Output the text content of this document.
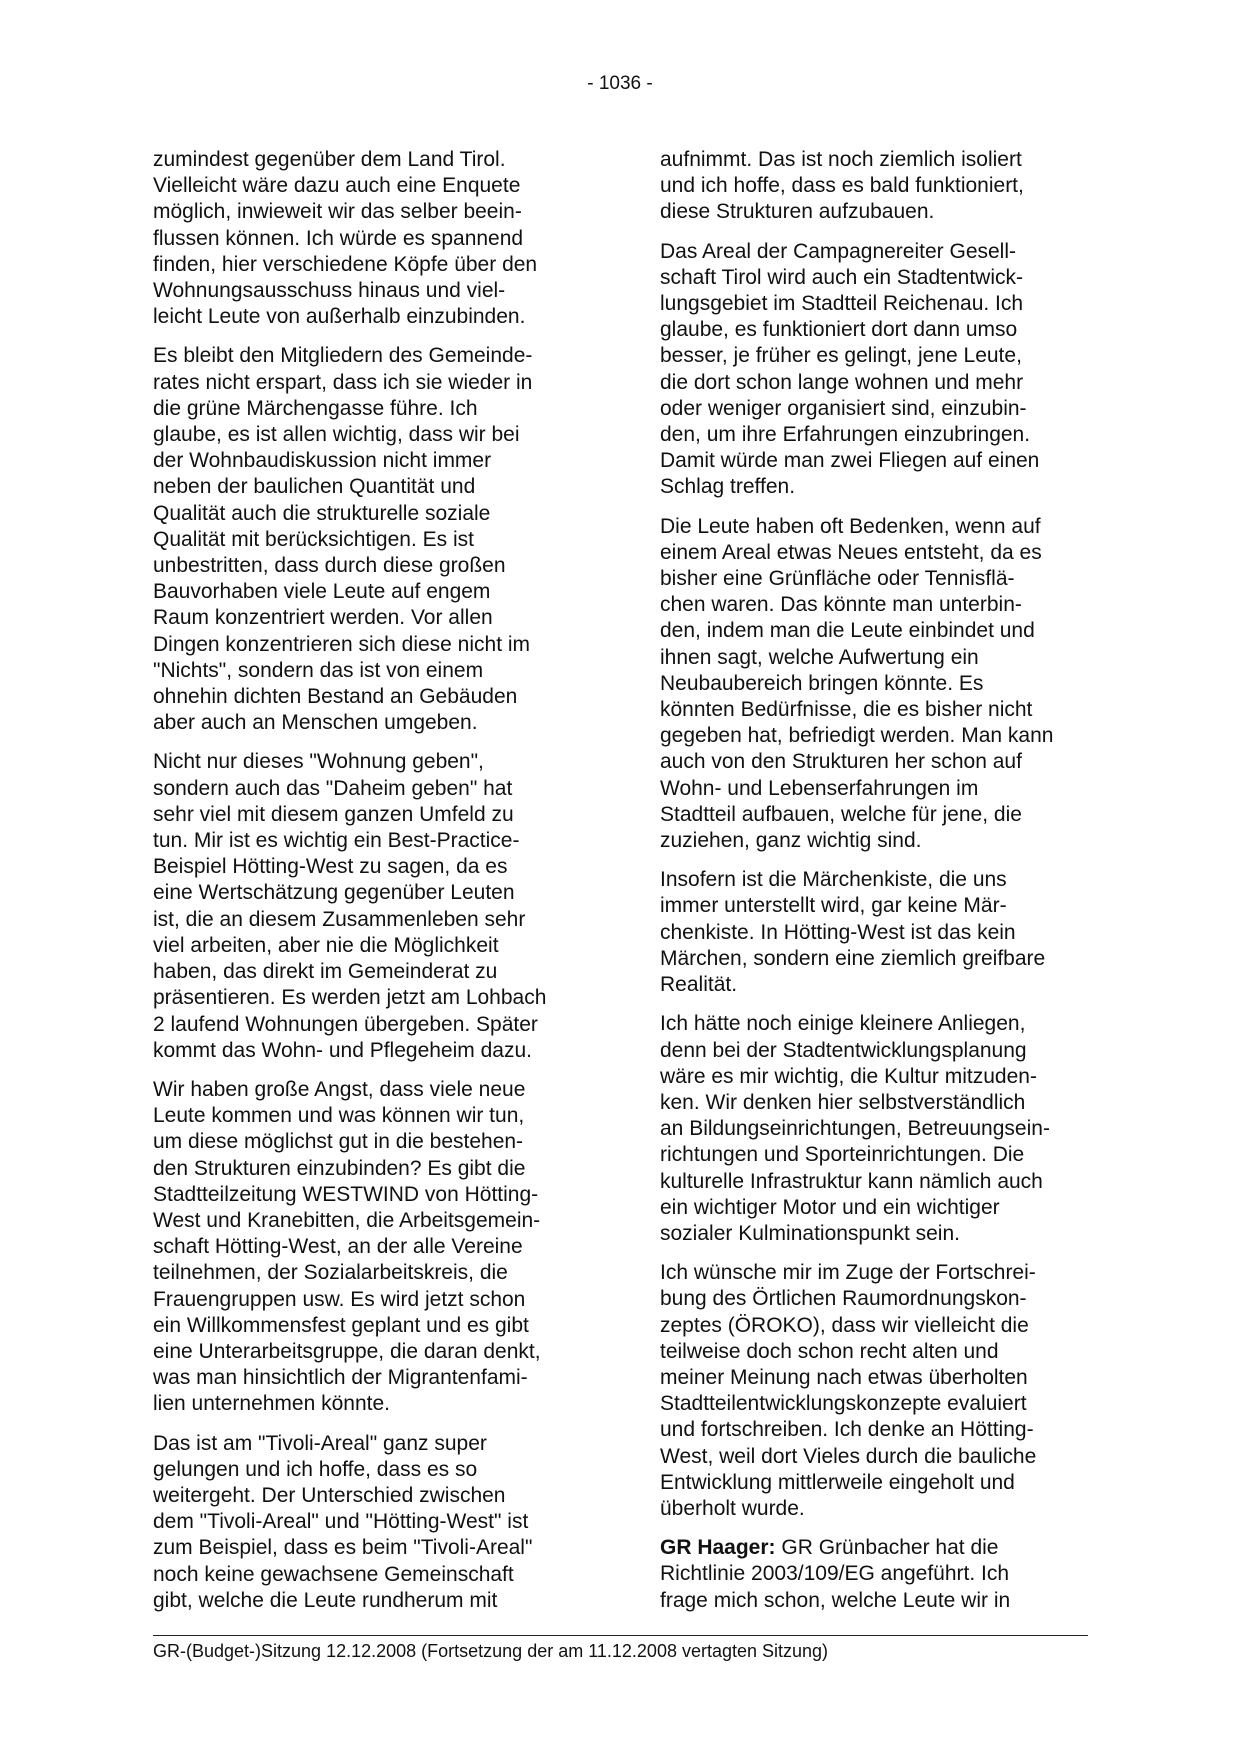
- 1036 -

zumindest gegenüber dem Land Tirol.
Vielleicht wäre dazu auch eine Enquete
möglich, inwieweit wir das selber beein-
flussen können. Ich würde es spannend
finden, hier verschiedene Köpfe über den
Wohnungsausschuss hinaus und viel-
leicht Leute von außerhalb einzubinden.

Es bleibt den Mitgliedern des Gemeinde-
rates nicht erspart, dass ich sie wieder in
die grüne Märchengasse führe. Ich
glaube, es ist allen wichtig, dass wir bei
der Wohnbaudiskussion nicht immer
neben der baulichen Quantität und
Qualität auch die strukturelle soziale
Qualität mit berücksichtigen. Es ist
unbestritten, dass durch diese großen
Bauvorhaben viele Leute auf engem
Raum konzentriert werden. Vor allen
Dingen konzentrieren sich diese nicht im
"Nichts", sondern das ist von einem
ohnehin dichten Bestand an Gebäuden
aber auch an Menschen umgeben.

Nicht nur dieses "Wohnung geben",
sondern auch das "Daheim geben" hat
sehr viel mit diesem ganzen Umfeld zu
tun. Mir ist es wichtig ein Best-Practice-
Beispiel Hötting-West zu sagen, da es
eine Wertschätzung gegenüber Leuten
ist, die an diesem Zusammenleben sehr
viel arbeiten, aber nie die Möglichkeit
haben, das direkt im Gemeinderat zu
präsentieren. Es werden jetzt am Lohbach
2 laufend Wohnungen übergeben. Später
kommt das Wohn- und Pflegeheim dazu.

Wir haben große Angst, dass viele neue
Leute kommen und was können wir tun,
um diese möglichst gut in die bestehen-
den Strukturen einzubinden? Es gibt die
Stadtteilzeitung WESTWIND von Hötting-
West und Kranebitten, die Arbeitsgemein-
schaft Hötting-West, an der alle Vereine
teilnehmen, der Sozialarbeitskreis, die
Frauengruppen usw. Es wird jetzt schon
ein Willkommensfest geplant und es gibt
eine Unterarbeitsgruppe, die daran denkt,
was man hinsichtlich der Migrantenfami-
lien unternehmen könnte.

Das ist am "Tivoli-Areal" ganz super
gelungen und ich hoffe, dass es so
weitergeht. Der Unterschied zwischen
dem "Tivoli-Areal" und "Hötting-West" ist
zum Beispiel, dass es beim "Tivoli-Areal"
noch keine gewachsene Gemeinschaft
gibt, welche die Leute rundherum mit

aufnimmt. Das ist noch ziemlich isoliert
und ich hoffe, dass es bald funktioniert,
diese Strukturen aufzubauen.

Das Areal der Campagnereiter Gesell-
schaft Tirol wird auch ein Stadtentwick-
lungsgebiet im Stadtteil Reichenau. Ich
glaube, es funktioniert dort dann umso
besser, je früher es gelingt, jene Leute,
die dort schon lange wohnen und mehr
oder weniger organisiert sind, einzubin-
den, um ihre Erfahrungen einzubringen.
Damit würde man zwei Fliegen auf einen
Schlag treffen.

Die Leute haben oft Bedenken, wenn auf
einem Areal etwas Neues entsteht, da es
bisher eine Grünfläche oder Tennisflä-
chen waren. Das könnte man unterbin-
den, indem man die Leute einbindet und
ihnen sagt, welche Aufwertung ein
Neubaubereich bringen könnte. Es
könnten Bedürfnisse, die es bisher nicht
gegeben hat, befriedigt werden. Man kann
auch von den Strukturen her schon auf
Wohn- und Lebenserfahrungen im
Stadtteil aufbauen, welche für jene, die
zuziehen, ganz wichtig sind.

Insofern ist die Märchenkiste, die uns
immer unterstellt wird, gar keine Mär-
chenkiste. In Hötting-West ist das kein
Märchen, sondern eine ziemlich greifbare
Realität.

Ich hätte noch einige kleinere Anliegen,
denn bei der Stadtentwicklungsplanung
wäre es mir wichtig, die Kultur mitzuden-
ken. Wir denken hier selbstverständlich
an Bildungseinrichtungen, Betreuungsein-
richtungen und Sporteinrichtungen. Die
kulturelle Infrastruktur kann nämlich auch
ein wichtiger Motor und ein wichtiger
sozialer Kulminationspunkt sein.

Ich wünsche mir im Zuge der Fortschrei-
bung des Örtlichen Raumordnungskon-
zeptes (ÖROKO), dass wir vielleicht die
teilweise doch schon recht alten und
meiner Meinung nach etwas überholten
Stadtteilentwicklungskonzepte evaluiert
und fortschreiben. Ich denke an Hötting-
West, weil dort Vieles durch die bauliche
Entwicklung mittlerweile eingeholt und
überholt wurde.

GR Haager: GR Grünbacher hat die
Richtlinie 2003/109/EG angeführt. Ich
frage mich schon, welche Leute wir in

GR-(Budget-)Sitzung 12.12.2008 (Fortsetzung der am 11.12.2008 vertagten Sitzung)
